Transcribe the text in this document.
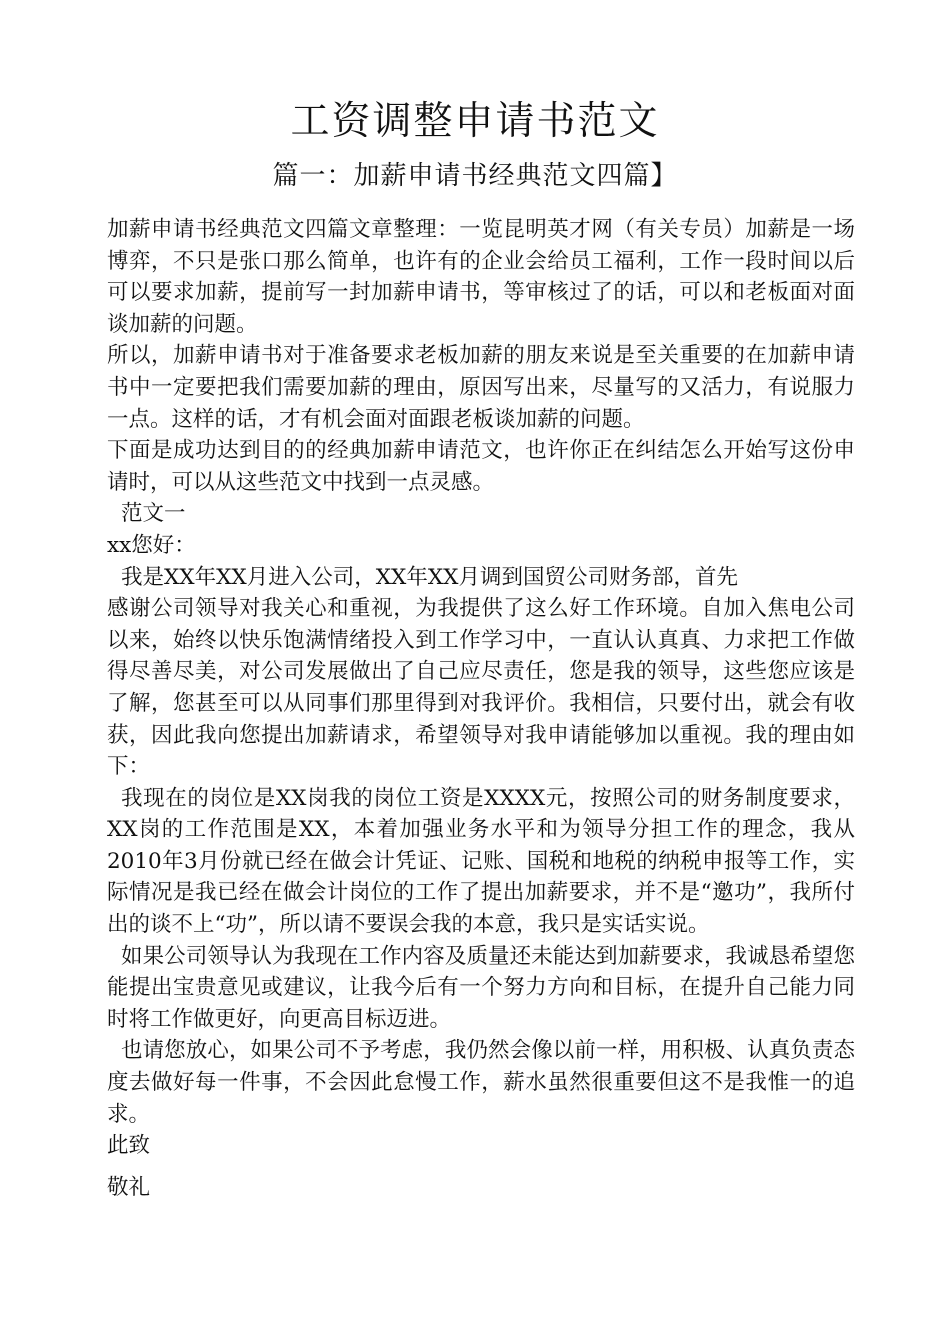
工资调整申请书范文
篇一：加薪申请书经典范文四篇】

加薪申请书经典范文四篇文章整理：一览昆明英才网（有关专员）加薪是一场博弈，不只是张口那么简单，也许有的企业会给员工福利，工作一段时间以后可以要求加薪，提前写一封加薪申请书，等审核过了的话，可以和老板面对面谈加薪的问题。

所以，加薪申请书对于准备要求老板加薪的朋友来说是至关重要的在加薪申请书中一定要把我们需要加薪的理由，原因写出来，尽量写的又活力，有说服力一点。这样的话，才有机会面对面跟老板谈加薪的问题。

下面是成功达到目的的经典加薪申请范文，也许你正在纠结怎么开始写这份申请时，可以从这些范文中找到一点灵感。

范文一

xx您好：

我是XX年XX月进入公司，XX年XX月调到国贸公司财务部，首先

感谢公司领导对我关心和重视，为我提供了这么好工作环境。自加入焦电公司以来，始终以快乐饱满情绪投入到工作学习中，一直认认真真、力求把工作做得尽善尽美，对公司发展做出了自己应尽责任，您是我的领导，这些您应该是了解，您甚至可以从同事们那里得到对我评价。我相信，只要付出，就会有收获，因此我向您提出加薪请求，希望领导对我申请能够加以重视。我的理由如下：

我现在的岗位是XX岗我的岗位工资是XXXX元，按照公司的财务制度要求，XX岗的工作范围是XX，本着加强业务水平和为领导分担工作的理念，我从2010年3月份就已经在做会计凭证、记账、国税和地税的纳税申报等工作，实际情况是我已经在做会计岗位的工作了提出加薪要求，并不是“邀功”，我所付出的谈不上“功”，所以请不要误会我的本意，我只是实话实说。

如果公司领导认为我现在工作内容及质量还未能达到加薪要求，我诚恳希望您能提出宝贵意见或建议，让我今后有一个努力方向和目标，在提升自己能力同时将工作做更好，向更高目标迈进。

也请您放心，如果公司不予考虑，我仍然会像以前一样，用积极、认真负责态度去做好每一件事，不会因此怠慢工作，薪水虽然很重要但这不是我惟一的追求。

此致

敬礼
